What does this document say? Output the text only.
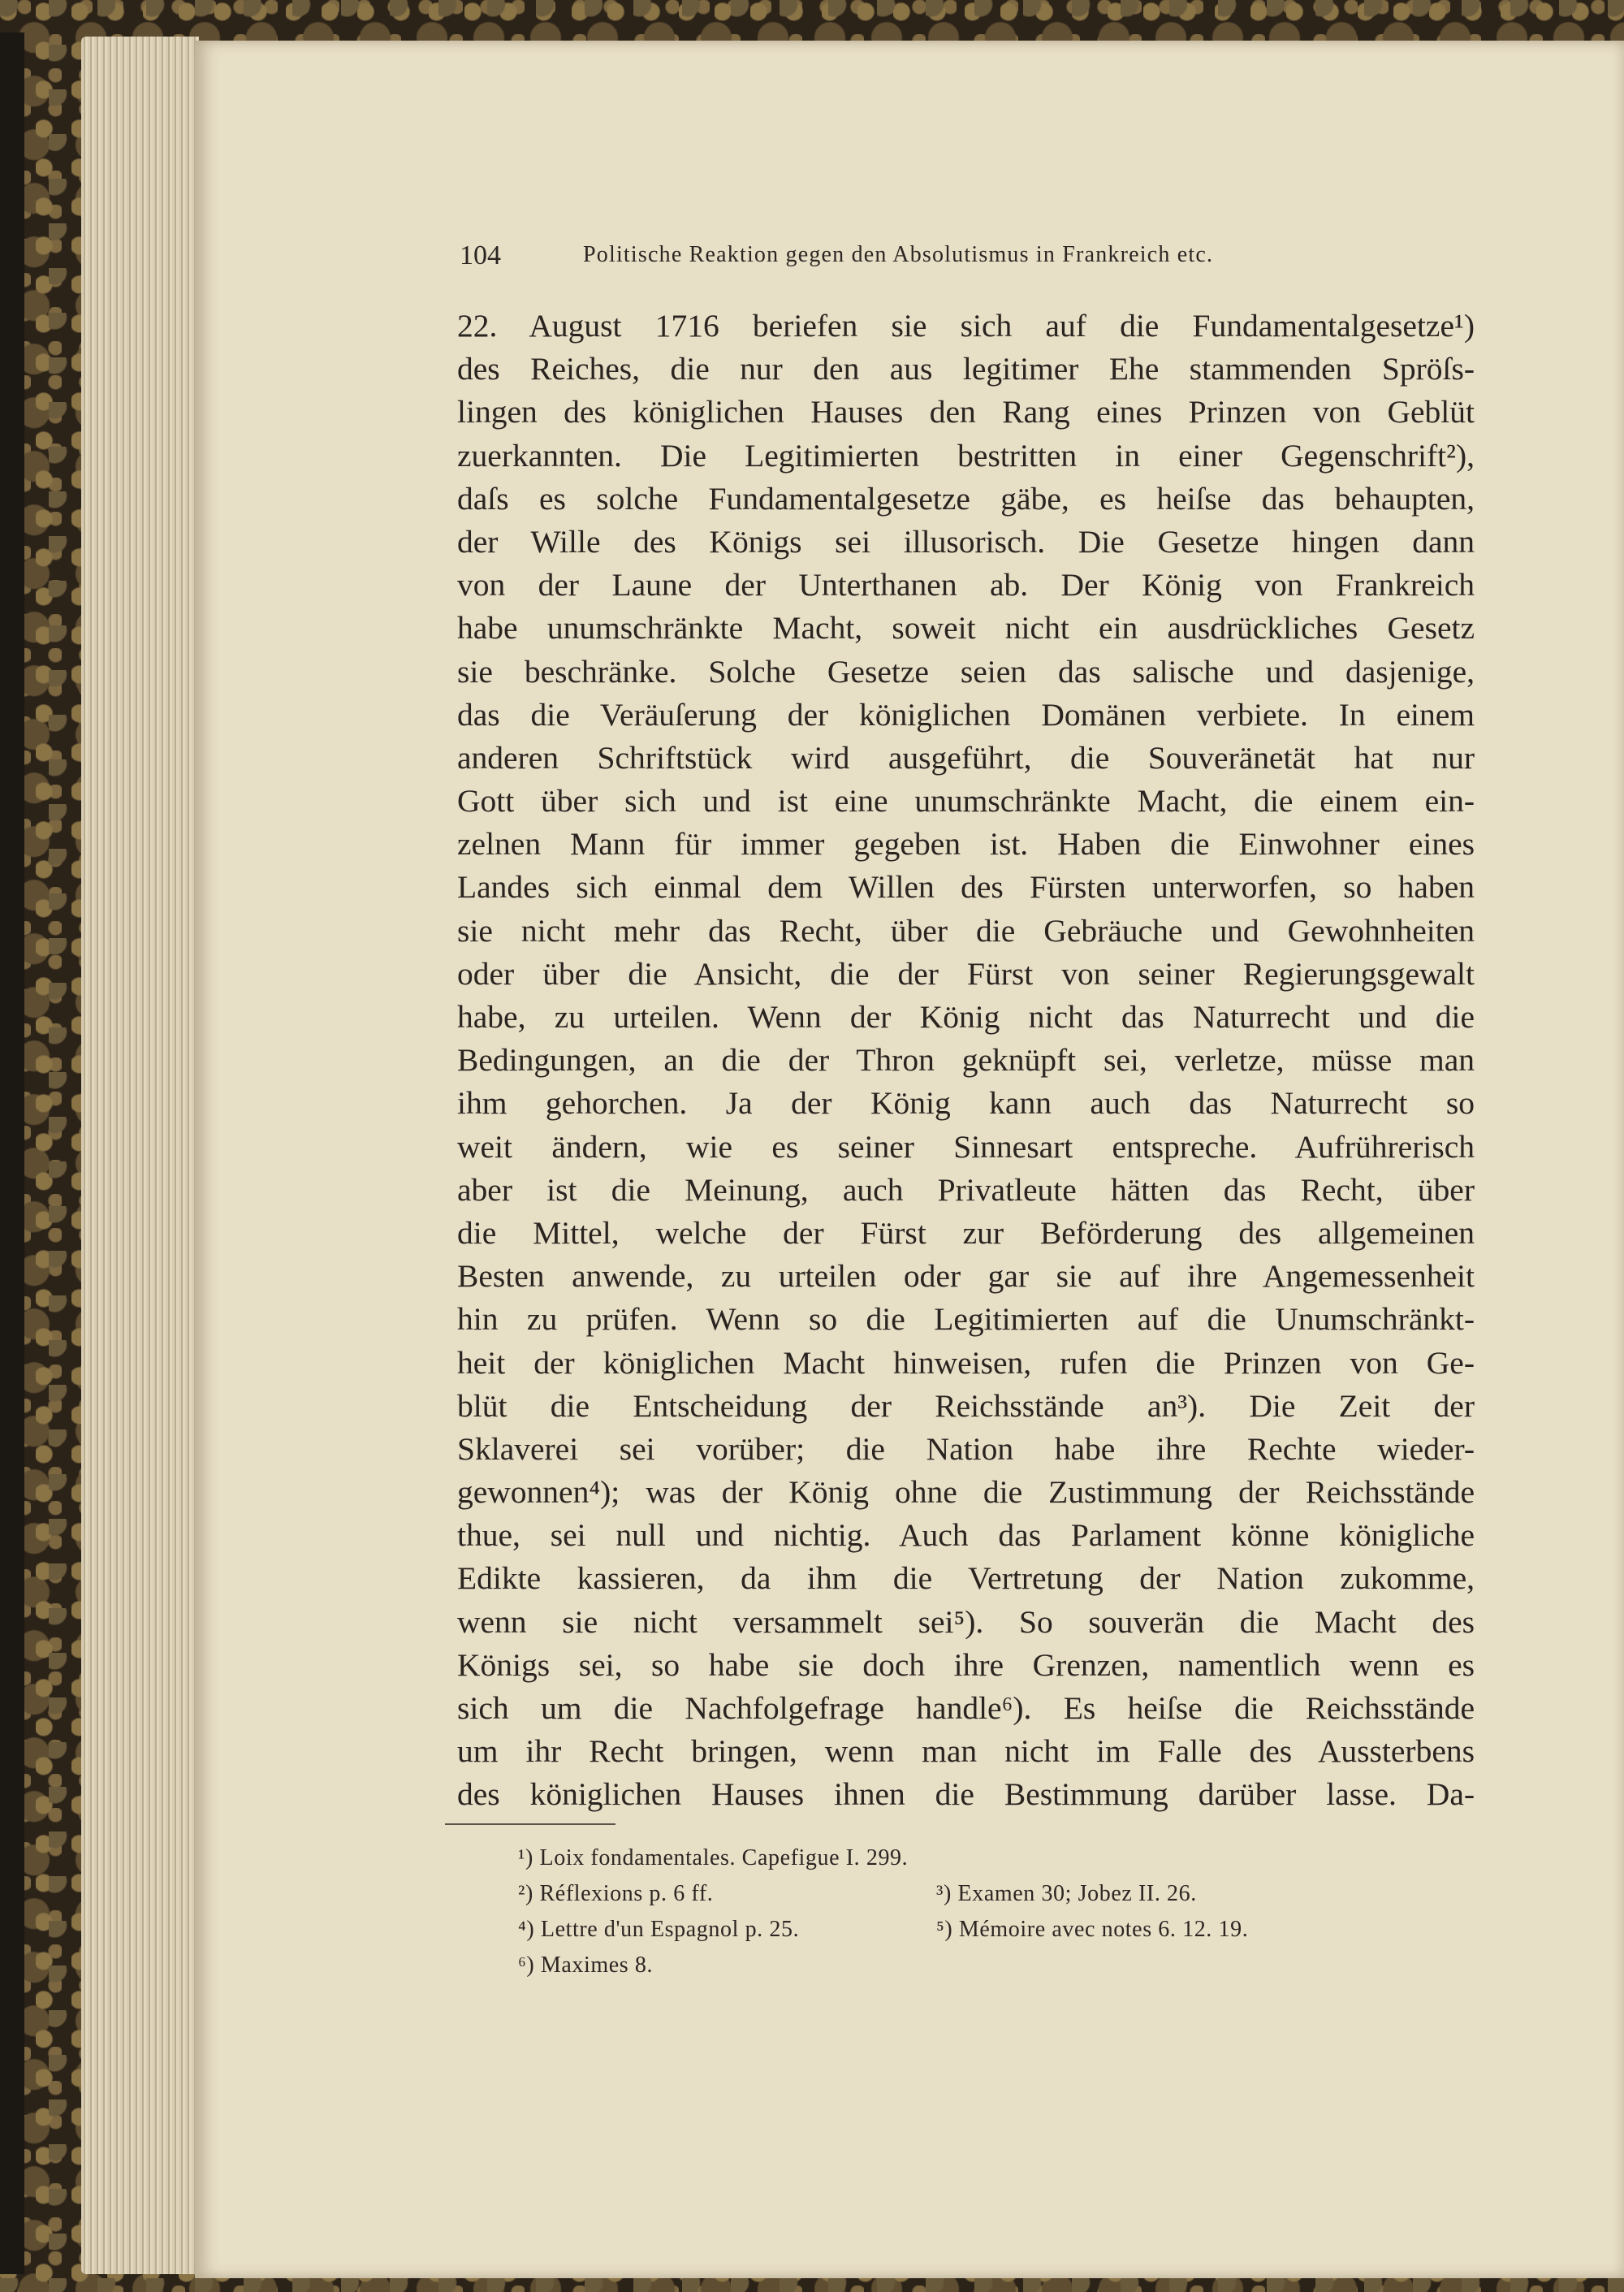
104	Politische Reaktion gegen den Absolutismus in Frankreich etc.
22. August 1716 beriefen sie sich auf die Fundamentalgesetze¹)
des Reiches, die nur den aus legitimer Ehe stammenden Spröſs-
lingen des königlichen Hauses den Rang eines Prinzen von Geblüt
zuerkannten. Die Legitimierten bestritten in einer Gegenschrift²),
daſs es solche Fundamentalgesetze gäbe, es heiſse das behaupten,
der Wille des Königs sei illusorisch. Die Gesetze hingen dann
von der Laune der Unterthanen ab. Der König von Frankreich
habe unumschränkte Macht, soweit nicht ein ausdrückliches Gesetz
sie beschränke. Solche Gesetze seien das salische und dasjenige,
das die Veräuſerung der königlichen Domänen verbiete. In einem
anderen Schriftstück wird ausgeführt, die Souveränetät hat nur
Gott über sich und ist eine unumschränkte Macht, die einem ein-
zelnen Mann für immer gegeben ist. Haben die Einwohner eines
Landes sich einmal dem Willen des Fürsten unterworfen, so haben
sie nicht mehr das Recht, über die Gebräuche und Gewohnheiten
oder über die Ansicht, die der Fürst von seiner Regierungsgewalt
habe, zu urteilen. Wenn der König nicht das Naturrecht und die
Bedingungen, an die der Thron geknüpft sei, verletze, müsse man
ihm gehorchen. Ja der König kann auch das Naturrecht so
weit ändern, wie es seiner Sinnesart entspreche. Aufrührerisch
aber ist die Meinung, auch Privatleute hätten das Recht, über
die Mittel, welche der Fürst zur Beförderung des allgemeinen
Besten anwende, zu urteilen oder gar sie auf ihre Angemessenheit
hin zu prüfen. Wenn so die Legitimierten auf die Unumschränkt-
heit der königlichen Macht hinweisen, rufen die Prinzen von Ge-
blüt die Entscheidung der Reichsstände an³). Die Zeit der
Sklaverei sei vorüber; die Nation habe ihre Rechte wieder-
gewonnen⁴); was der König ohne die Zustimmung der Reichsstände
thue, sei null und nichtig. Auch das Parlament könne königliche
Edikte kassieren, da ihm die Vertretung der Nation zukomme,
wenn sie nicht versammelt sei⁵). So souverän die Macht des
Königs sei, so habe sie doch ihre Grenzen, namentlich wenn es
sich um die Nachfolgefrage handle⁶). Es heiſse die Reichsstände
um ihr Recht bringen, wenn man nicht im Falle des Aussterbens
des königlichen Hauses ihnen die Bestimmung darüber lasse. Da-
¹) Loix fondamentales. Capefigue I. 299.
²) Réflexions p. 6 ff.	³) Examen 30; Jobez II. 26.
⁴) Lettre d'un Espagnol p. 25.	⁵) Mémoire avec notes 6. 12. 19.
⁶) Maximes 8.
